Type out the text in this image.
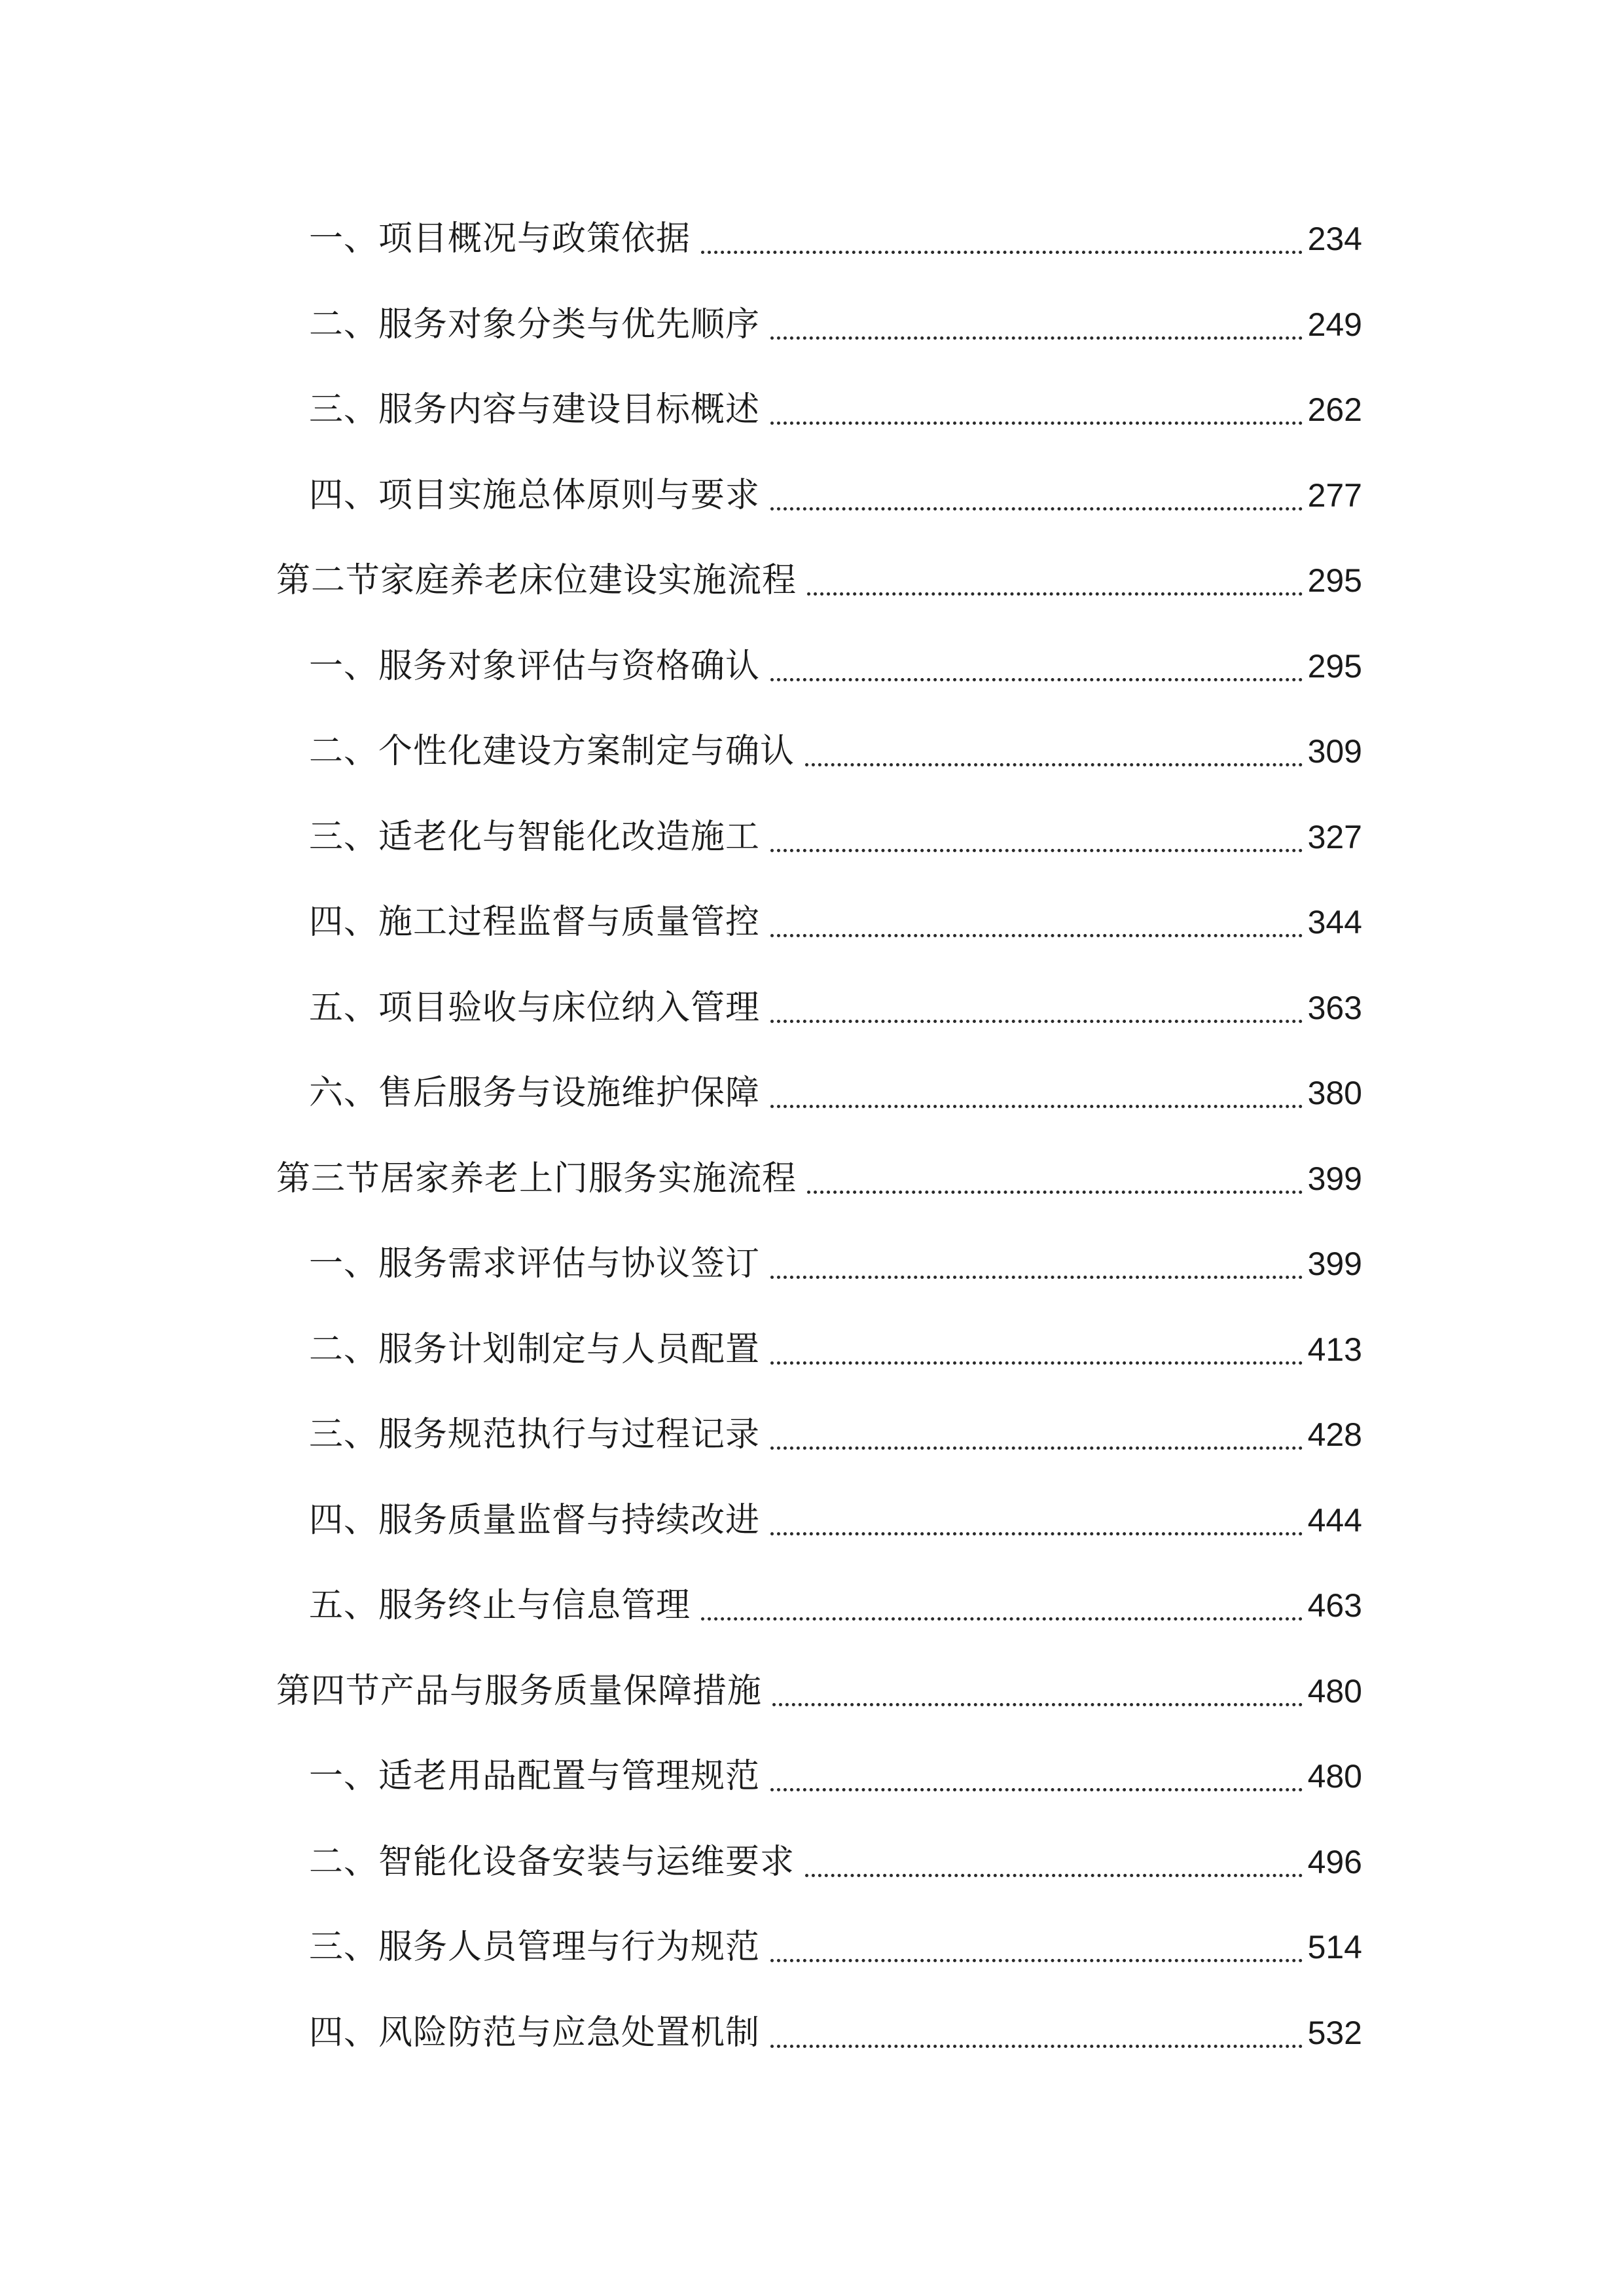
一、项目概况与政策依据	234
二、服务对象分类与优先顺序	249
三、服务内容与建设目标概述	262
四、项目实施总体原则与要求	277
第二节家庭养老床位建设实施流程	295
一、服务对象评估与资格确认	295
二、个性化建设方案制定与确认	309
三、适老化与智能化改造施工	327
四、施工过程监督与质量管控	344
五、项目验收与床位纳入管理	363
六、售后服务与设施维护保障	380
第三节居家养老上门服务实施流程	399
一、服务需求评估与协议签订	399
二、服务计划制定与人员配置	413
三、服务规范执行与过程记录	428
四、服务质量监督与持续改进	444
五、服务终止与信息管理	463
第四节产品与服务质量保障措施	480
一、适老用品配置与管理规范	480
二、智能化设备安装与运维要求	496
三、服务人员管理与行为规范	514
四、风险防范与应急处置机制	532
